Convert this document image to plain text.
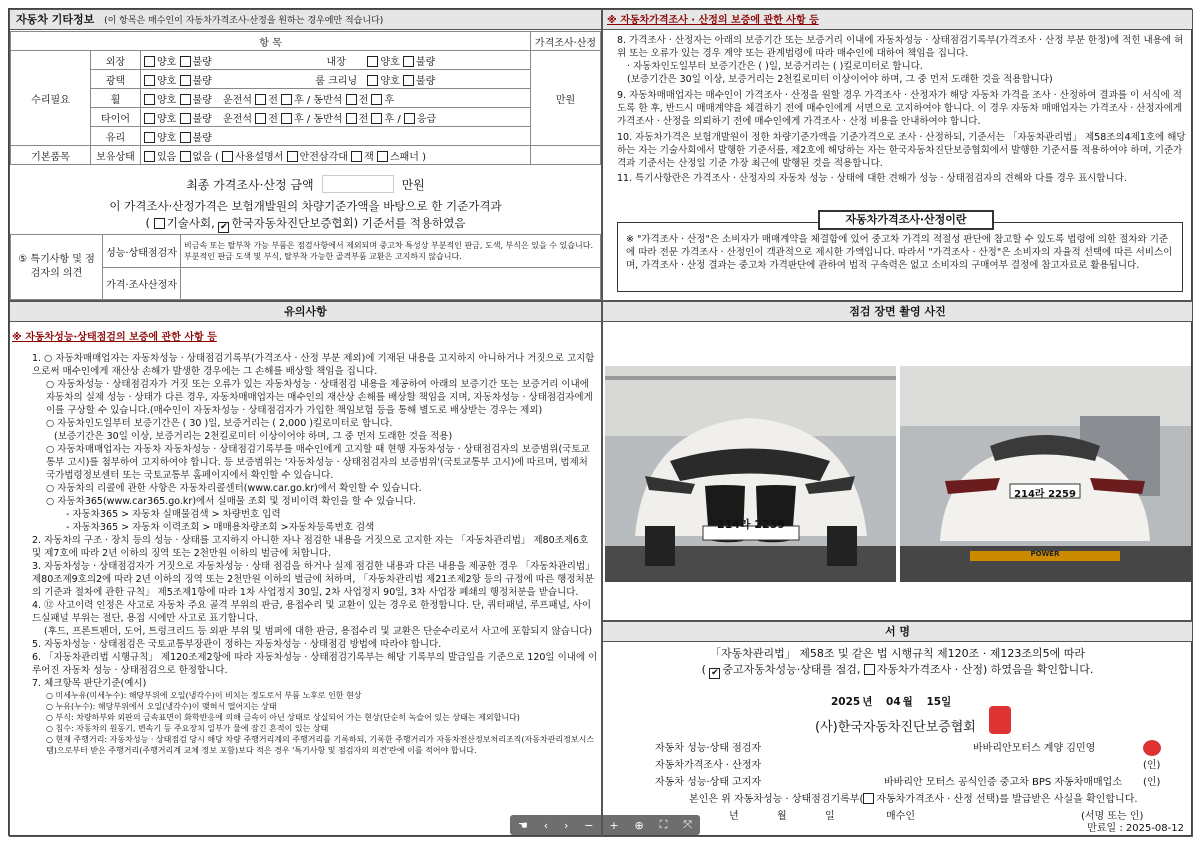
자동차 기타정보 (이 항목은 매수인이 자동차가격조사·산정을 원하는 경우에만 적습니다)
항 목			가격조사·산정
수리필요	외장	양호 불량 내장 양호 불량	만원
	광택	양호 불량 룸 크리닝 양호 불량	
	휠	양호 불량 운전석 전 후 / 동반석 전 후	
	타이어	양호 불량 운전석 전 후 / 동반석 전 후 / 응급	
	유리	양호 불량	
기본품목	보유상태	있음 없음 ( 사용설명서 안전삼각대 잭 스패너 )	
최종 가격조사·산정 금액	만원
이 가격조사·산정가격은 보험개발원의 차량기준가액을 바탕으로 한 기준가격과
( 기술사회, ✔ 한국자동차진단보증협회) 기준서를 적용하였음
⑤ 특기사항 및 점검자의 의견	성능·상태점검자	비금속 또는 탈부착 가능 부품은 점검사항에서 제외되며 중고차 특성상 부분적인 판금, 도색, 부식은 있을 수 있습니다. 부분적인 판금 도색 및 부식, 탈부착 가능한 골격부품 교환은 고지하지 않습니다.
	가격·조사산정자	
※ 자동차가격조사 · 산정의 보증에 관한 사항 등
8. 가격조사 · 산정자는 아래의 보증기간 또는 보증거리 이내에 자동차성능 · 상태점검기록부(가격조사 · 산정 부분 한정)에 적힌 내용에 허위 또는 오류가 있는 경우 계약 또는 관계법령에 따라 매수인에 대하여 책임을 집니다.
· 자동차인도일부터 보증기간은 ( )일, 보증거리는 ( )킬로미터로 합니다.
(보증기간은 30일 이상, 보증거리는 2천킬로미터 이상이어야 하며, 그 중 먼저 도래한 것을 적용합니다)
9. 자동차매매업자는 매수인이 가격조사 · 산정을 원할 경우 가격조사 · 산정자가 해당 자동차 가격을 조사 · 산정하여 결과를 이 서식에 적도록 한 후, 반드시 매매계약을 체결하기 전에 매수인에게 서면으로 고지하여야 합니다. 이 경우 자동차 매매업자는 가격조사 · 산정자에게 가격조사 · 산정을 의뢰하기 전에 매수인에게 가격조사 · 산정 비용을 안내하여야 합니다.
10. 자동차가격은 보험개발원이 정한 차량기준가액을 기준가격으로 조사 · 산정하되, 기준서는 「자동차관리법」 제58조의4제1호에 해당하는 자는 기술사회에서 발행한 기준서를, 제2호에 해당하는 자는 한국자동차진단보증협회에서 발행한 기준서를 적용하여야 하며, 기준가격과 기준서는 산정일 기준 가장 최근에 발행된 것을 적용합니다.
11. 특기사항란은 가격조사 · 산정자의 자동차 성능 · 상태에 대한 견해가 성능 · 상태점검자의 견해와 다를 경우 표시합니다.
자동차가격조사·산정이란
※ "가격조사 · 산정"은 소비자가 매매계약을 체결함에 있어 중고차 가격의 적절성 판단에 참고할 수 있도록 법령에 의한 절차와 기준에 따라 전문 가격조사 · 산정인이 객관적으로 제시한 가액입니다. 따라서 "가격조사 · 산정"은 소비자의 자율적 선택에 따른 서비스이며, 가격조사 · 산정 결과는 중고차 가격판단에 관하여 법적 구속력은 없고 소비자의 구매여부 결정에 참고자료로 활용됩니다.
유의사항
※ 자동차성능·상태점검의 보증에 관한 사항 등
1. ○ 자동차매매업자는 자동차성능 · 상태점검기록부(가격조사 · 산정 부분 제외)에 기재된 내용을 고지하지 아니하거나 거짓으로 고지함으로써 매수인에게 재산상 손해가 발생한 경우에는 그 손해를 배상할 책임을 집니다.
○ 자동차성능 · 상태점검자가 거짓 또는 오류가 있는 자동차성능 · 상태점검 내용을 제공하여 아래의 보증기간 또는 보증거리 이내에 자동차의 실제 성능 · 상태가 다른 경우, 자동차매매업자는 매수인의 재산상 손해를 배상할 책임을 지며, 자동차성능 · 상태점검자에게 이를 구상할 수 있습니다.(매수인이 자동차성능 · 상태점검자가 가입한 책임보험 등을 통해 별도로 배상받는 경우는 제외)
○ 자동차인도일부터 보증기간은 ( 30 )일, 보증거리는 ( 2,000 )킬로미터로 합니다.
(보증기간은 30일 이상, 보증거리는 2천킬로미터 이상이어야 하며, 그 중 먼저 도래한 것을 적용)
○ 자동차매매업자는 자동차 자동차성능 · 상태점검기록부를 매수인에게 고지할 때 현행 자동차성능 · 상태점검자의 보증범위(국토교통부 고시)를 첨부하여 고지하여야 합니다. 등 보증범위는 '자동차성능 · 상태점검자의 보증범위'(국토교통부 고시)에 따르며, 법제처 국가법령정보센터 또는 국토교통부 홈페이지에서 확인할 수 있습니다.
○ 자동차의 리콜에 관한 사항은 자동차리콜센터(www.car.go.kr)에서 확인할 수 있습니다.
○ 자동차365(www.car365.go.kr)에서 실매물 조회 및 정비이력 확인을 할 수 있습니다.
- 자동차365 > 자동차 실매물검색 > 차량번호 입력
- 자동차365 > 자동차 이력조회 > 매매용차량조회 >자동차등록번호 검색
2. 자동차의 구조 · 장치 등의 성능 · 상태를 고지하지 아니한 자나 점검한 내용을 거짓으로 고지한 자는 「자동차관리법」 제80조제6호 및 제7호에 따라 2년 이하의 징역 또는 2천만원 이하의 벌금에 처합니다.
3. 자동차성능 · 상태점검자가 거짓으로 자동차성능 · 상태 점검을 하거나 실제 점검한 내용과 다른 내용을 제공한 경우 「자동차관리법」 제80조제9호의2에 따라 2년 이하의 징역 또는 2천만원 이하의 벌금에 처하며, 「자동차관리법 제21조제2항 등의 규정에 따른 행정처분의 기준과 절차에 관한 규칙」 제5조제1항에 따라 1차 사업정지 30일, 2차 사업정지 90일, 3차 사업장 폐쇄의 행정처분을 받습니다.
4. ⑫ 사고이력 인정은 사고로 자동차 주요 골격 부위의 판금, 용접수리 및 교환이 있는 경우로 한정합니다. 단, 쿼터패널, 루프패널, 사이드실패널 부위는 절단, 용접 시에만 사고로 표기합니다.
(후드, 프론트펜더, 도어, 트렁크리드 등 외판 부위 및 범퍼에 대한 판금, 용접수리 및 교환은 단순수리로서 사고에 포함되지 않습니다)
5. 자동차성능 · 상태점검은 국토교통부장관이 정하는 자동차성능 · 상태점검 방법에 따라야 합니다.
6. 「자동차관리법 시행규칙」 제120조제2항에 따라 자동차성능 · 상태점검기록부는 해당 기록부의 발급일을 기준으로 120일 이내에 이루어진 자동차 성능 · 상태점검으로 한정합니다.
7. 체크항목 판단기준(예시)
○ 미세누유(미세누수): 해당부위에 오일(냉각수)이 비치는 정도로서 부품 노후로 인한 현상
○ 누유(누수): 해당부위에서 오일(냉각수)이 맺혀서 떨어지는 상태
○ 부식: 차량하부와 외판의 금속표면이 화학반응에 의해 금속이 아닌 상태로 상실되어 가는 현상(단순히 녹슬어 있는 상태는 제외합니다)
○ 침수: 자동차의 원동기, 변속기 등 주요장치 일부가 물에 잠긴 흔적이 있는 상태
○ 현재 주행거리: 자동차성능 · 상태점검 당시 해당 차량 주행거리계의 주행거리를 기록하되, 기록한 주행거리가 자동차전산정보처리조직(자동차관리정보시스템)으로부터 받은 주행거리(주행거리계 교체 정보 포함)보다 적은 경우 '특기사항 및 점검자의 의견'란에 이를 적어야 합니다.
점검 장면 촬영 사진
214라 2259
214라 2259
POWER
서 명
「자동차관리법」 제58조 및 같은 법 시행규칙 제120조 · 제123조의5에 따라
( ✔ 중고자동차성능·상태를 점검, 자동차가격조사 · 산정) 하였음을 확인합니다.
2025 년 04 월 15일
(사)한국자동차진단보증협회
자동차 성능·상태 점검자	바바리안모터스 계양 김민영
자동차가격조사 · 산정자	(인)
자동차 성능·상태 고지자	바바리안 모터스 공식인증 중고차 BPS 자동차매매업소 (인)
본인은 위 자동차성능 · 상태점검기록부( 자동차가격조사 · 산정 선택)를 발급받은 사실을 확인합니다.
년	월	일	매수인	(서명 또는 인)
만료일 : 2025-08-12
☚ ‹ › − + ⊕ ⛶ ⤧
